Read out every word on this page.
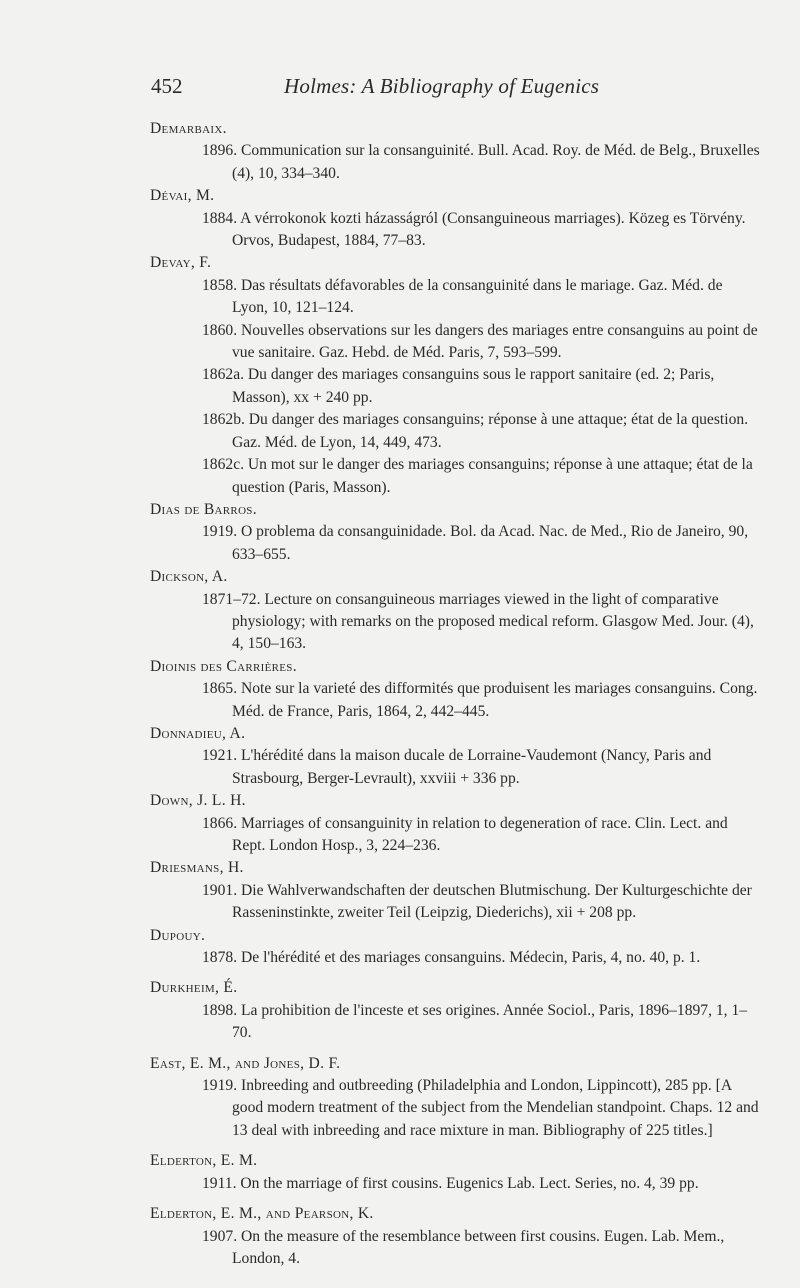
452	Holmes: A Bibliography of Eugenics

Demarbaix.

1896. Communication sur la consanguinité. Bull. Acad. Roy. de Méd. de Belg., Bruxelles (4), 10, 334–340.

Dévai, M.

1884. A vérrokonok kozti házasságról (Consanguineous marriages). Közeg es Törvény. Orvos, Budapest, 1884, 77–83.

Devay, F.

1858. Das résultats défavorables de la consanguinité dans le mariage. Gaz. Méd. de Lyon, 10, 121–124.

1860. Nouvelles observations sur les dangers des mariages entre consanguins au point de vue sanitaire. Gaz. Hebd. de Méd. Paris, 7, 593–599.

1862a. Du danger des mariages consanguins sous le rapport sanitaire (ed. 2; Paris, Masson), xx + 240 pp.

1862b. Du danger des mariages consanguins; réponse à une attaque; état de la question. Gaz. Méd. de Lyon, 14, 449, 473.

1862c. Un mot sur le danger des mariages consanguins; réponse à une attaque; état de la question (Paris, Masson).

Dias de Barros.

1919. O problema da consanguinidade. Bol. da Acad. Nac. de Med., Rio de Janeiro, 90, 633–655.

Dickson, A.

1871–72. Lecture on consanguineous marriages viewed in the light of comparative physiology; with remarks on the proposed medical reform. Glasgow Med. Jour. (4), 4, 150–163.

Dioinis des Carrières.

1865. Note sur la varieté des difformités que produisent les mariages consanguins. Cong. Méd. de France, Paris, 1864, 2, 442–445.

Donnadieu, A.

1921. L'hérédité dans la maison ducale de Lorraine-Vaudemont (Nancy, Paris and Strasbourg, Berger-Levrault), xxviii + 336 pp.

Down, J. L. H.

1866. Marriages of consanguinity in relation to degeneration of race. Clin. Lect. and Rept. London Hosp., 3, 224–236.

Driesmans, H.

1901. Die Wahlverwandschaften der deutschen Blutmischung. Der Kulturgeschichte der Rasseninstinkte, zweiter Teil (Leipzig, Diederichs), xii + 208 pp.

Dupouy.

1878. De l'hérédité et des mariages consanguins. Médecin, Paris, 4, no. 40, p. 1.

Durkheim, É.

1898. La prohibition de l'inceste et ses origines. Année Sociol., Paris, 1896–1897, 1, 1–70.

East, E. M., and Jones, D. F.

1919. Inbreeding and outbreeding (Philadelphia and London, Lippincott), 285 pp. [A good modern treatment of the subject from the Mendelian standpoint. Chaps. 12 and 13 deal with inbreeding and race mixture in man. Bibliography of 225 titles.]

Elderton, E. M.

1911. On the marriage of first cousins. Eugenics Lab. Lect. Series, no. 4, 39 pp.

Elderton, E. M., and Pearson, K.

1907. On the measure of the resemblance between first cousins. Eugen. Lab. Mem., London, 4.
